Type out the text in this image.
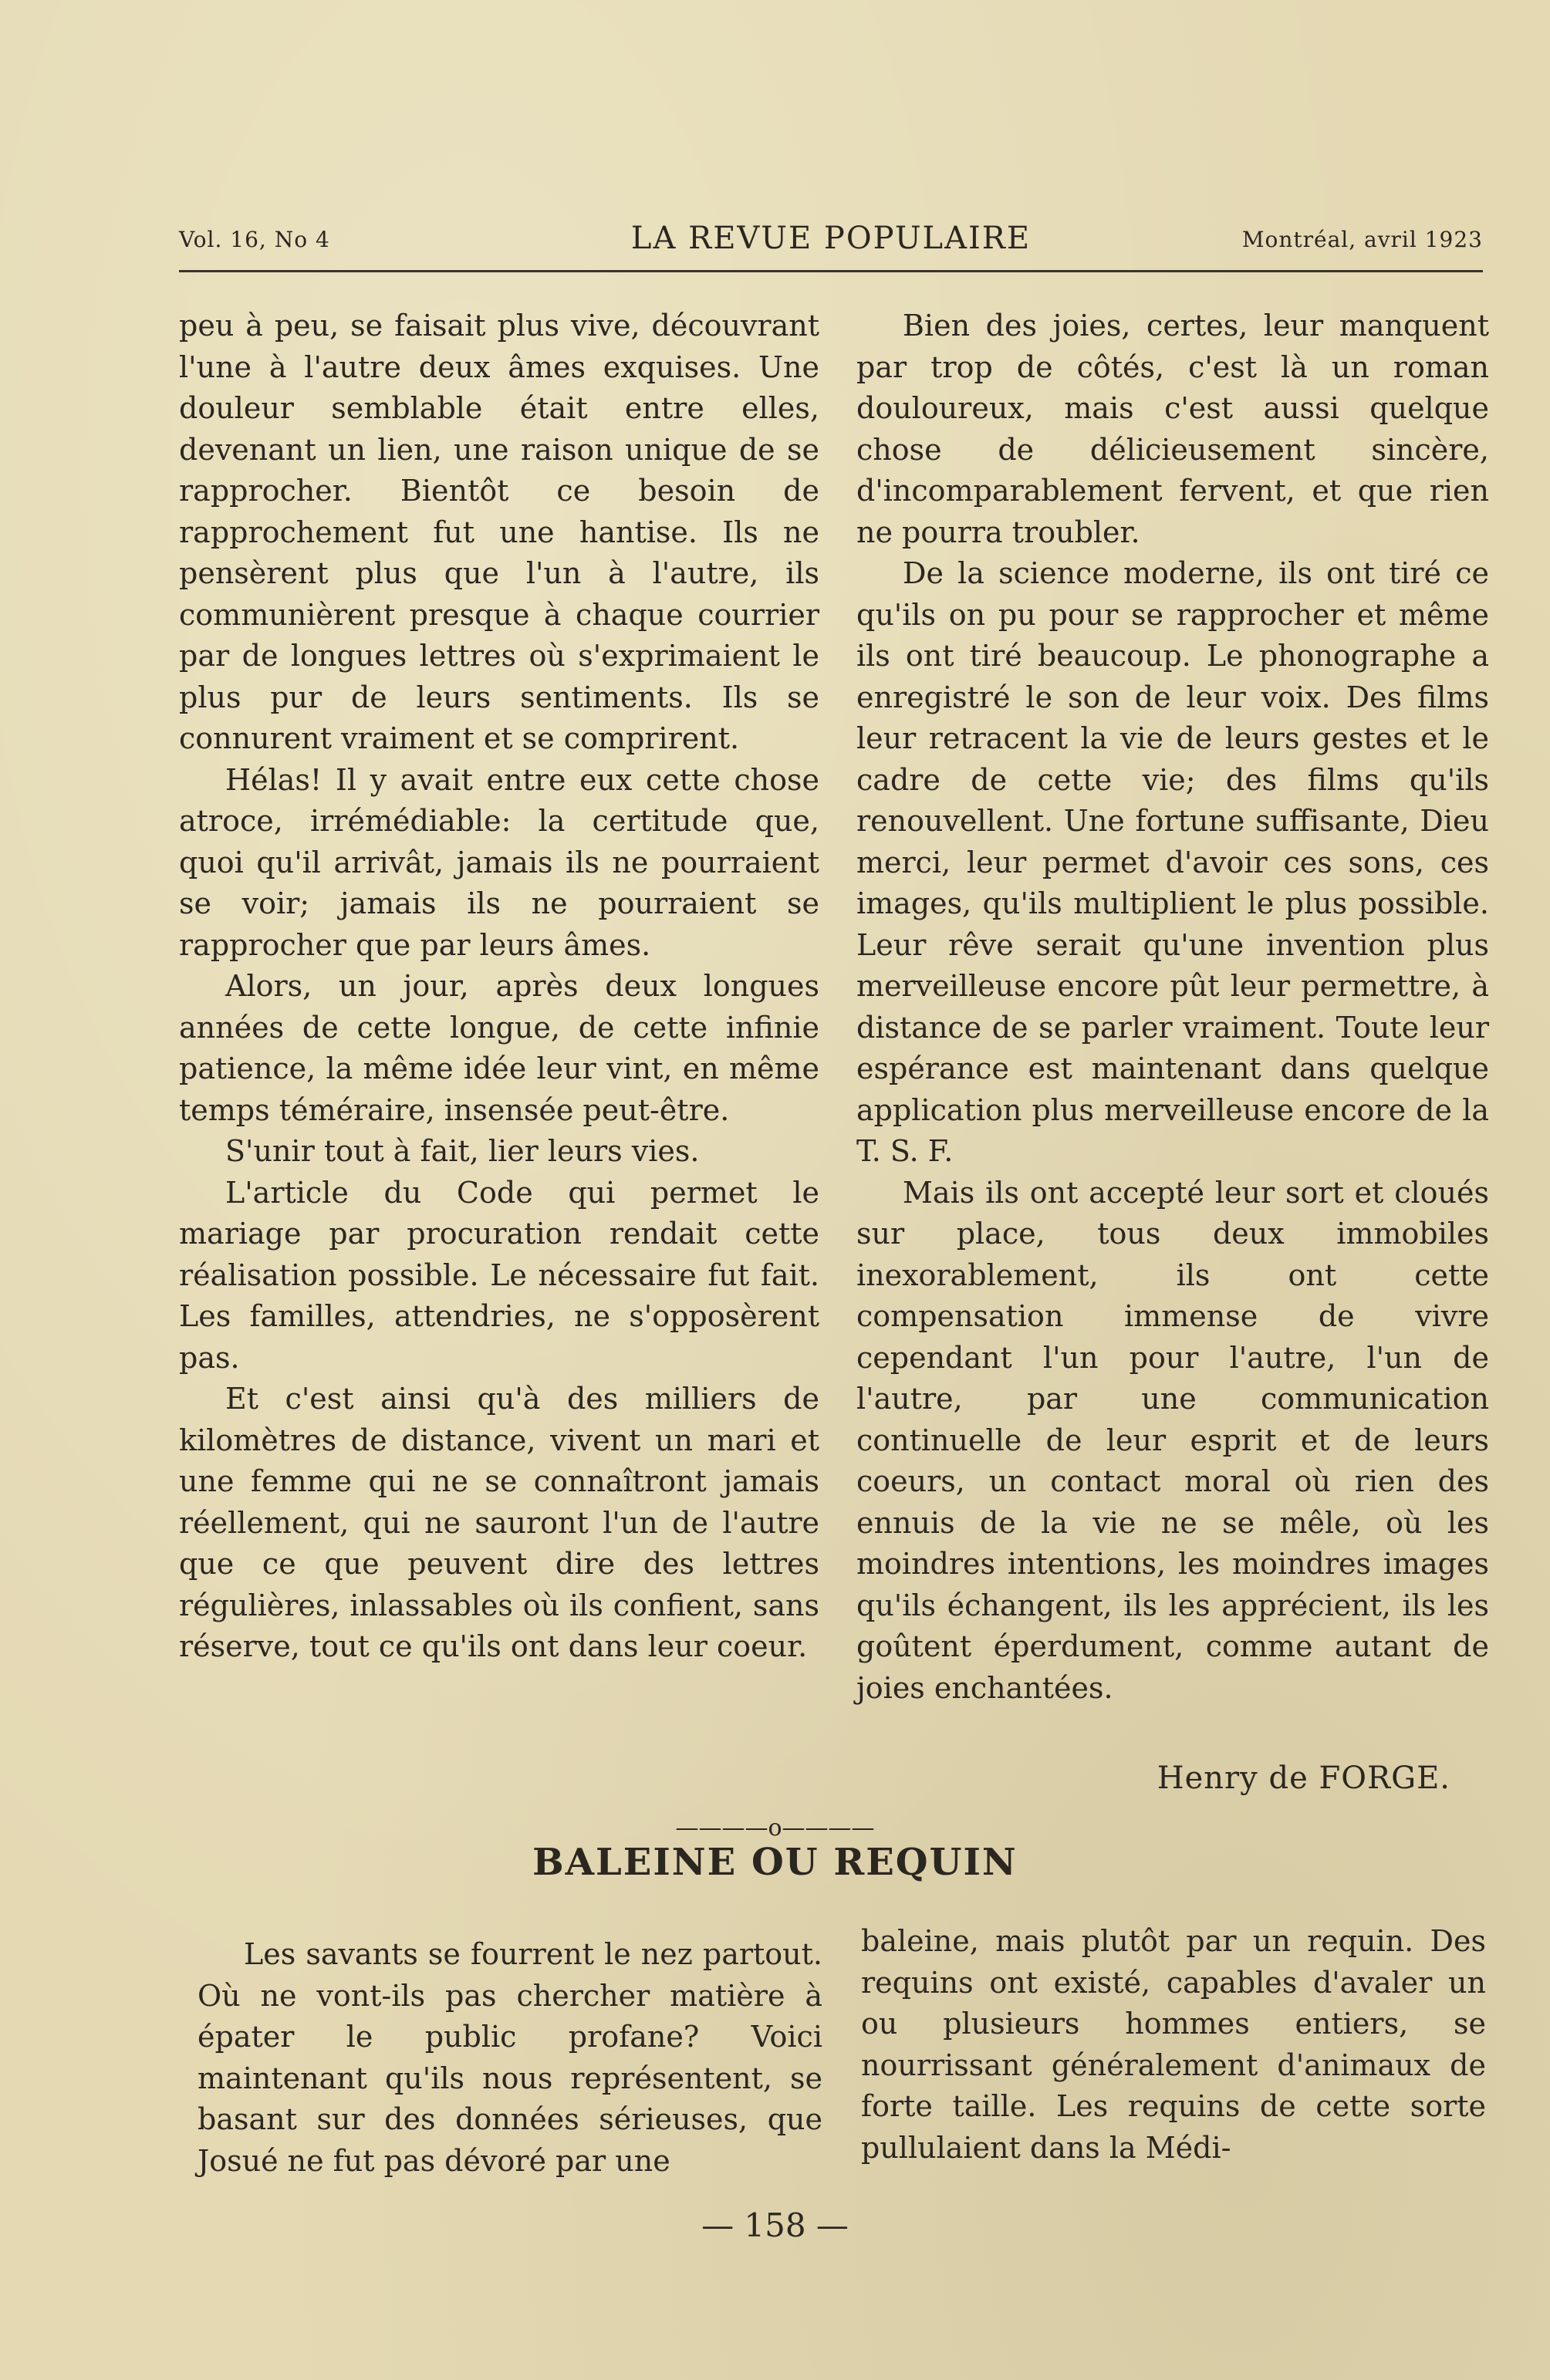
Vol. 16, No 4	LA REVUE POPULAIRE	Montréal, avril 1923

peu à peu, se faisait plus vive, découvrant l'une à l'autre deux âmes exquises. Une douleur semblable était entre elles, devenant un lien, une raison unique de se rapprocher. Bientôt ce besoin de rapprochement fut une hantise. Ils ne pensèrent plus que l'un à l'autre, ils communièrent presque à chaque courrier par de longues lettres où s'exprimaient le plus pur de leurs sentiments. Ils se connurent vraiment et se comprirent.

Hélas! Il y avait entre eux cette chose atroce, irrémédiable: la certitude que, quoi qu'il arrivât, jamais ils ne pourraient se voir; jamais ils ne pourraient se rapprocher que par leurs âmes.

Alors, un jour, après deux longues années de cette longue, de cette infinie patience, la même idée leur vint, en même temps téméraire, insensée peut-être.

S'unir tout à fait, lier leurs vies.

L'article du Code qui permet le mariage par procuration rendait cette réalisation possible. Le nécessaire fut fait. Les familles, attendries, ne s'opposèrent pas.

Et c'est ainsi qu'à des milliers de kilomètres de distance, vivent un mari et une femme qui ne se connaîtront jamais réellement, qui ne sauront l'un de l'autre que ce que peuvent dire des lettres régulières, inlassables où ils confient, sans réserve, tout ce qu'ils ont dans leur coeur.

Bien des joies, certes, leur manquent par trop de côtés, c'est là un roman douloureux, mais c'est aussi quelque chose de délicieusement sincère, d'incomparablement fervent, et que rien ne pourra troubler.

De la science moderne, ils ont tiré ce qu'ils on pu pour se rapprocher et même ils ont tiré beaucoup. Le phonographe a enregistré le son de leur voix. Des films leur retracent la vie de leurs gestes et le cadre de cette vie; des films qu'ils renouvellent. Une fortune suffisante, Dieu merci, leur permet d'avoir ces sons, ces images, qu'ils multiplient le plus possible. Leur rêve serait qu'une invention plus merveilleuse encore pût leur permettre, à distance de se parler vraiment. Toute leur espérance est maintenant dans quelque application plus merveilleuse encore de la T. S. F.

Mais ils ont accepté leur sort et cloués sur place, tous deux immobiles inexorablement, ils ont cette compensation immense de vivre cependant l'un pour l'autre, l'un de l'autre, par une communication continuelle de leur esprit et de leurs coeurs, un contact moral où rien des ennuis de la vie ne se mêle, où les moindres intentions, les moindres images qu'ils échangent, ils les apprécient, ils les goûtent éperdument, comme autant de joies enchantées.

Henry de FORGE.
————o————
BALEINE OU REQUIN

Les savants se fourrent le nez partout. Où ne vont-ils pas chercher matière à épater le public profane? Voici maintenant qu'ils nous représentent, se basant sur des données sérieuses, que Josué ne fut pas dévoré par une

baleine, mais plutôt par un requin. Des requins ont existé, capables d'avaler un ou plusieurs hommes entiers, se nourrissant généralement d'animaux de forte taille. Les requins de cette sorte pullulaient dans la Médi-

— 158 —
